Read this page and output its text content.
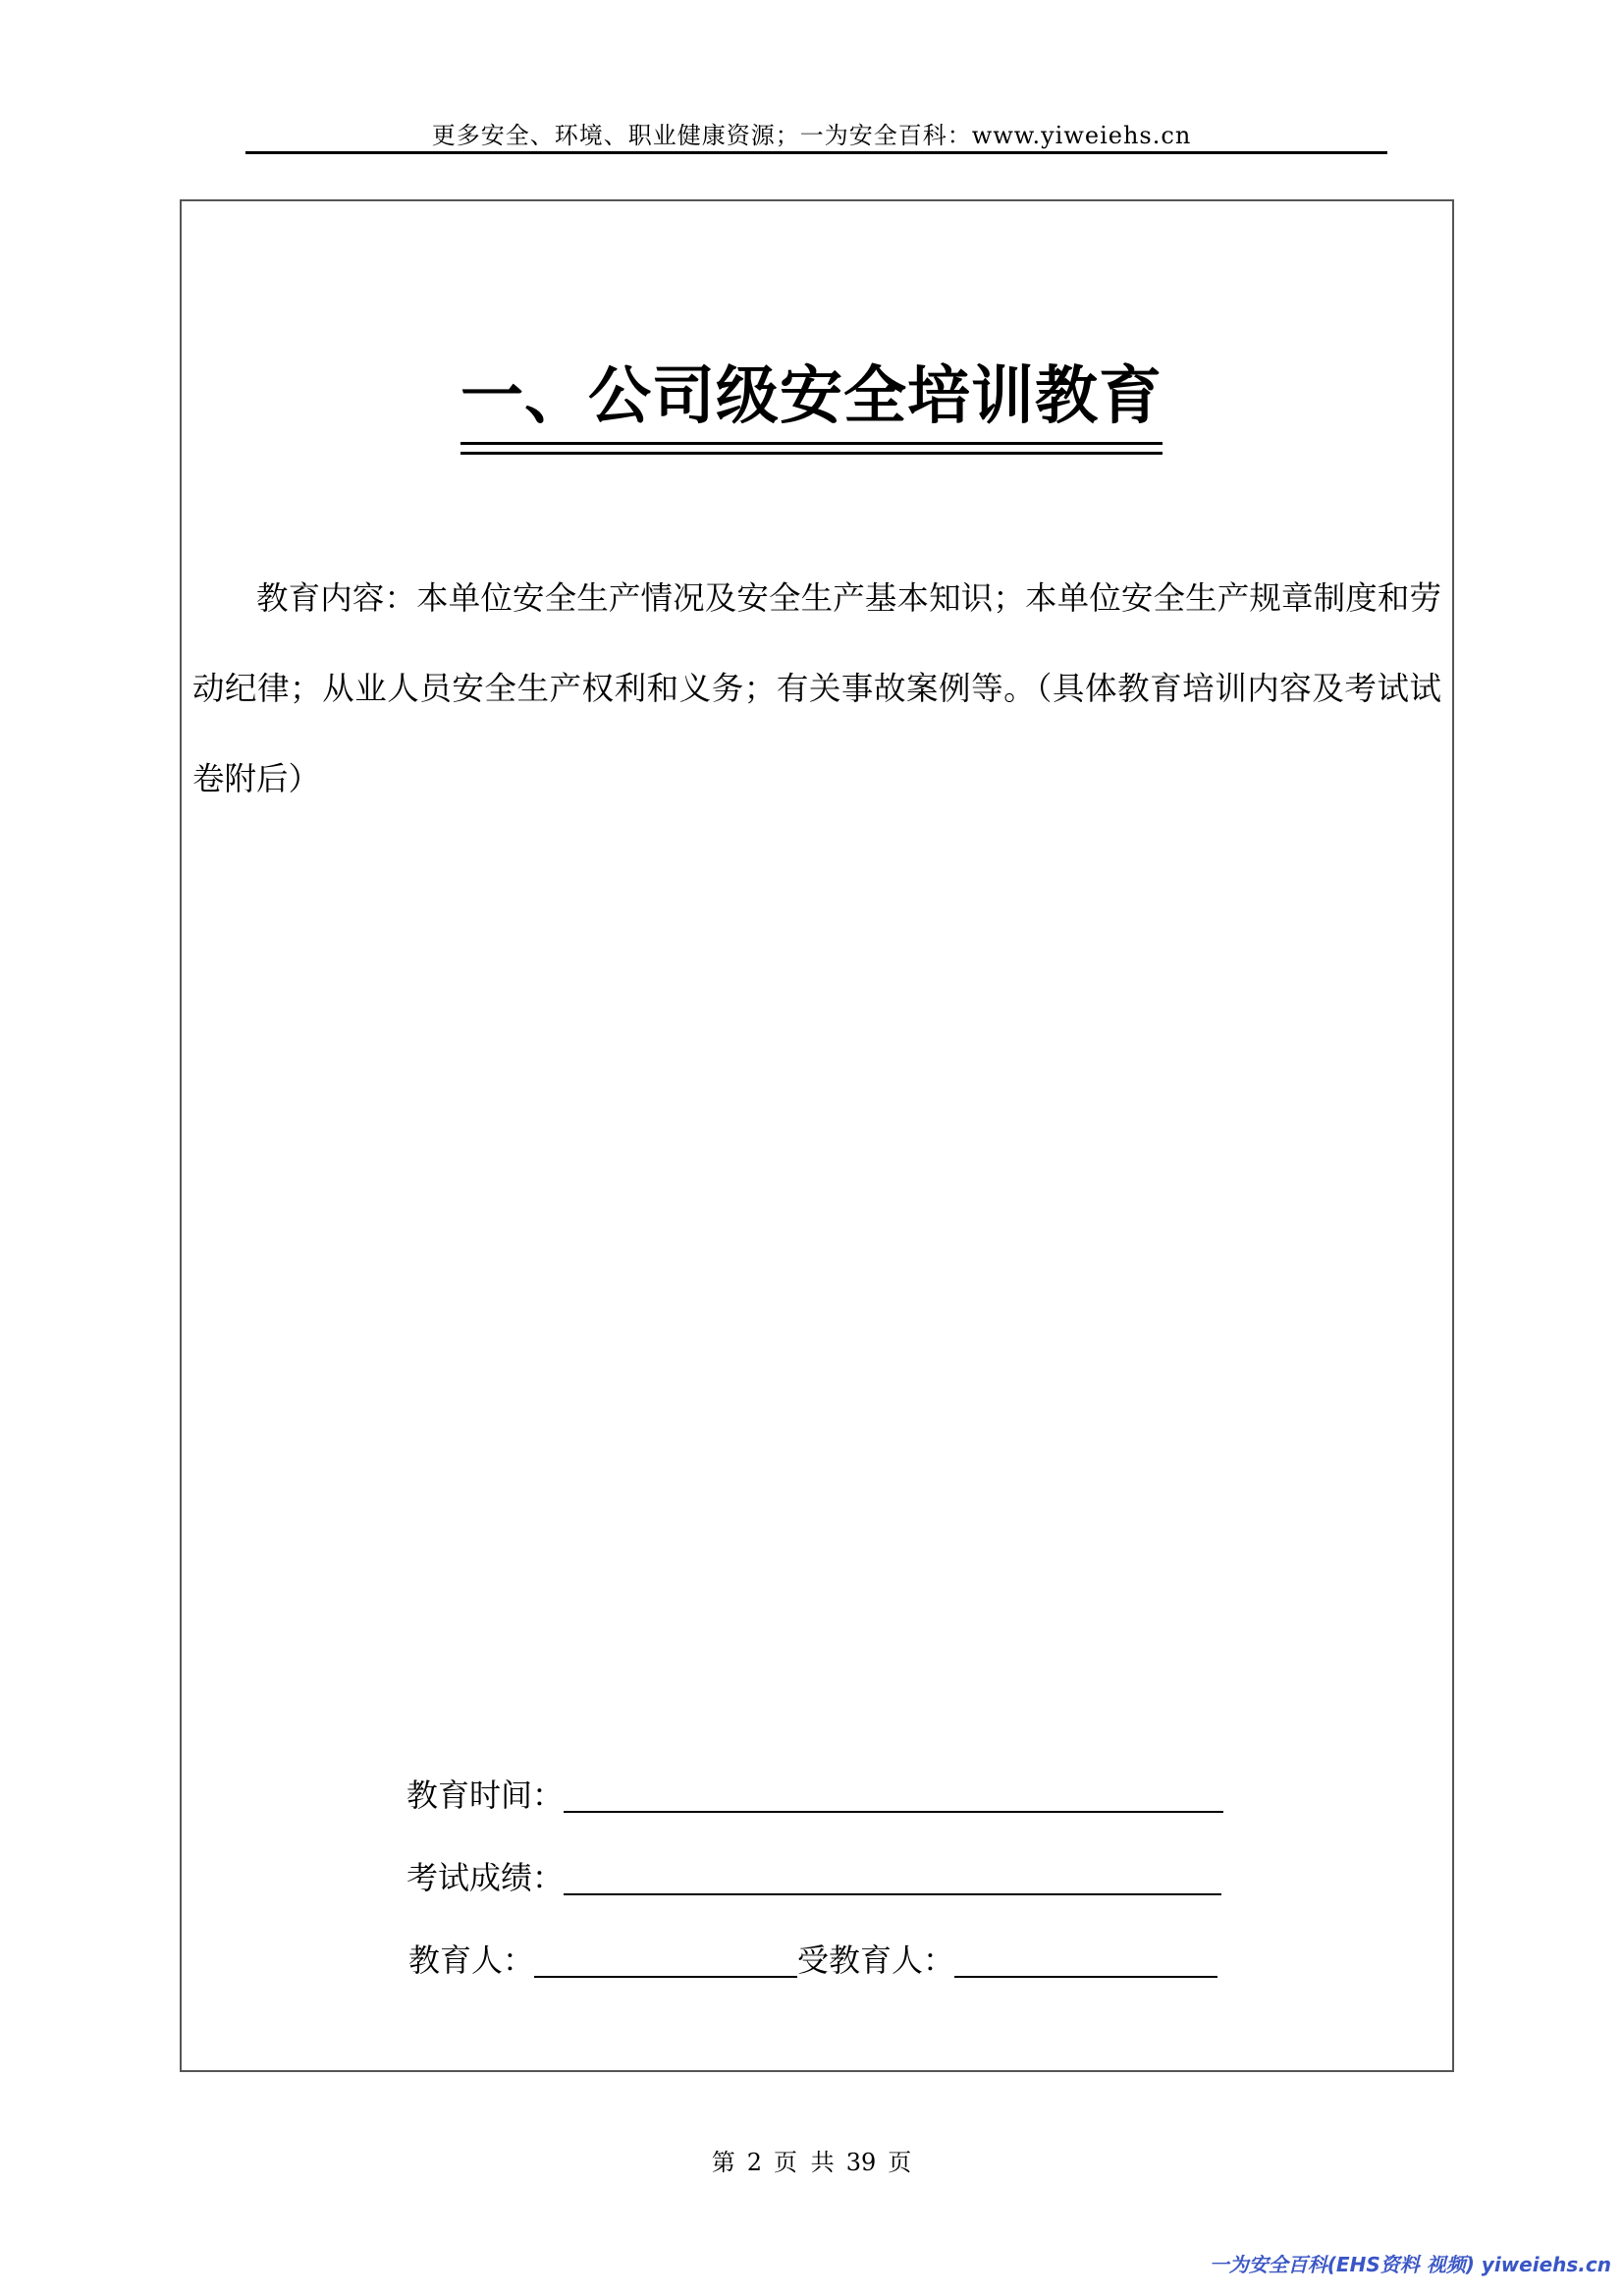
更多安全、环境、职业健康资源；一为安全百科：www.yiweiehs.cn
一、公司级安全培训教育

教育内容：本单位安全生产情况及安全生产基本知识；本单位安全生产规章制度和劳动纪律；从业人员安全生产权利和义务；有关事故案例等。（具体教育培训内容及考试试卷附后）

教育时间：
考试成绩：
教育人：	受教育人：
第 2 页 共 39 页
一为安全百科(EHS资料 视频) yiweiehs.cn
